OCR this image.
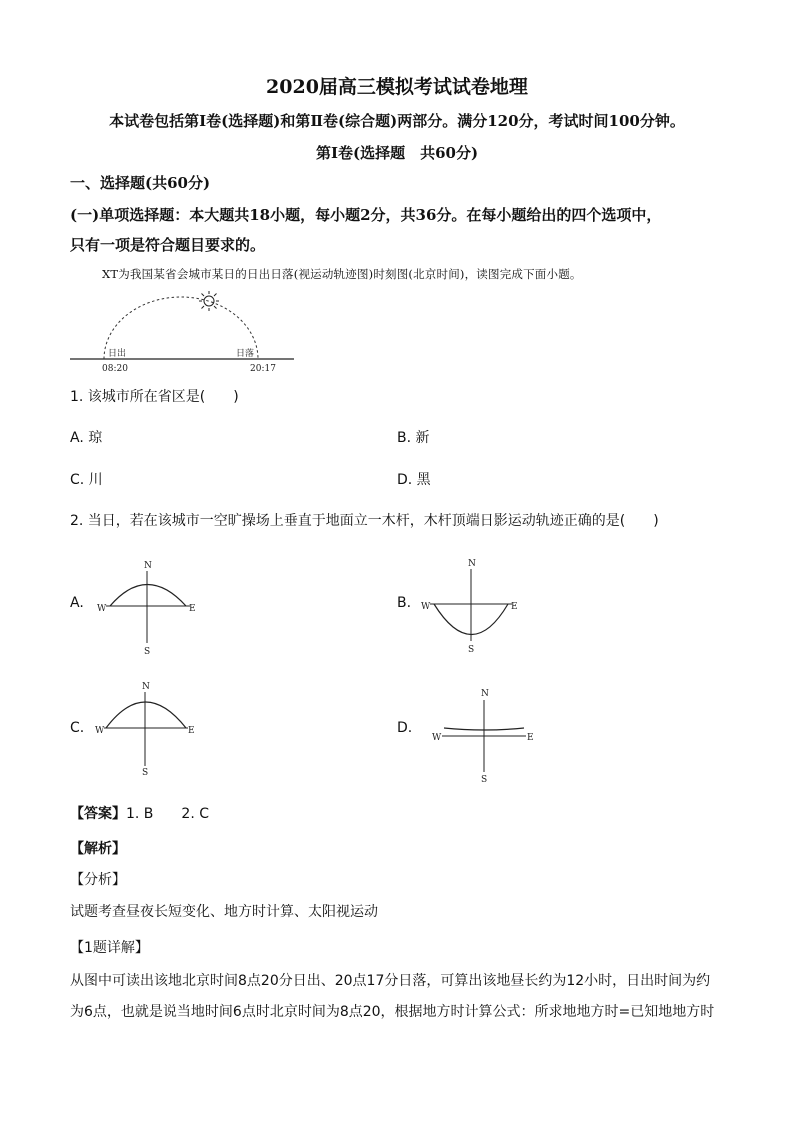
2020届高三模拟考试试卷地理
本试卷包括第Ⅰ卷(选择题)和第Ⅱ卷(综合题)两部分。满分120分，考试时间100分钟。
第Ⅰ卷(选择题　共60分)
一、选择题(共60分)
(一)单项选择题：本大题共18小题，每小题2分，共36分。在每小题给出的四个选项中，
只有一项是符合题目要求的。
XT为我国某省会城市某日的日出日落(视运动轨迹图)时刻图(北京时间)，读图完成下面小题。
日出	日落
08:20	20:17
1. 该城市所在省区是(　　)
A. 琼	B. 新
C. 川	D. 黑
2. 当日，若在该城市一空旷操场上垂直于地面立一木杆，木杆顶端日影运动轨迹正确的是(　　)
A.
N
S
W	E	B.
N
S
W	E
C.
N
S
W	E	D.
N
S
W	E
【答案】1. B　　2. C
【解析】
【分析】
试题考查昼夜长短变化、地方时计算、太阳视运动
【1题详解】
从图中可读出该地北京时间8点20分日出、20点17分日落，可算出该地昼长约为12小时，日出时间为约
为6点，也就是说当地时间6点时北京时间为8点20，根据地方时计算公式：所求地地方时=已知地地方时
